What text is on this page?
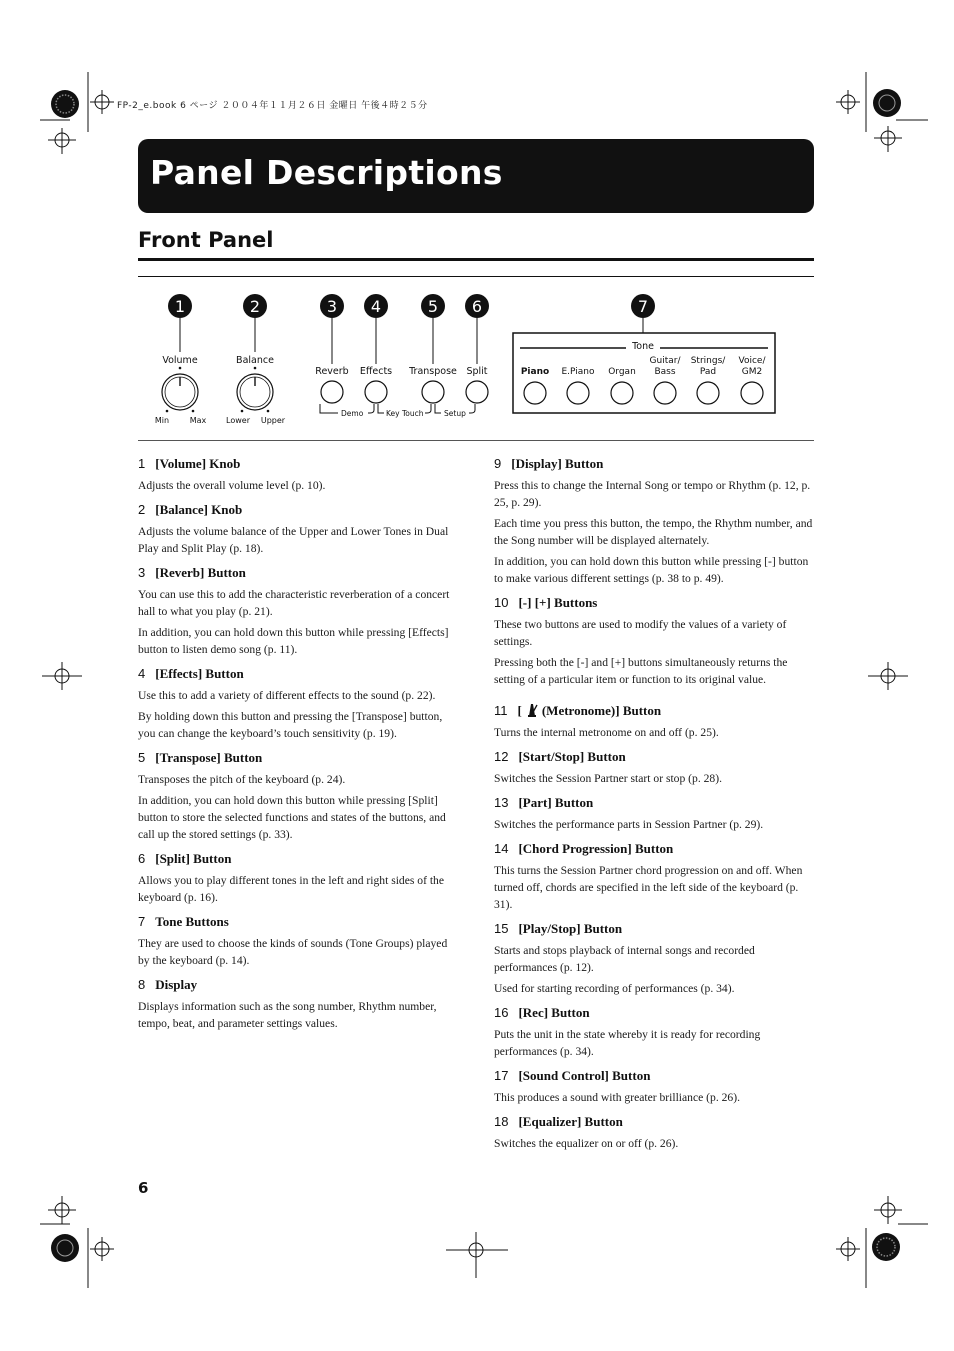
FP-2_e.book 6 ページ ２００４年１１月２６日 金曜日 午後４時２５分
Panel Descriptions
Front Panel
1	2	3 4	5 6	7
Volume
Min	Max
Balance
Lower Upper
Reverb Effects Transpose Split
Demo	Key Touch	Setup
Tone
Piano E.Piano Organ
Guitar/
Bass
Strings/
Pad
Voice/
GM2
1 [Volume] Knob

Adjusts the overall volume level (p. 10).

2 [Balance] Knob

Adjusts the volume balance of the Upper and Lower Tones in Dual Play and Split Play (p. 18).

3 [Reverb] Button

You can use this to add the characteristic reverberation of a concert hall to what you play (p. 21).

In addition, you can hold down this button while pressing [Effects] button to listen demo song (p. 11).

4 [Effects] Button

Use this to add a variety of different effects to the sound (p. 22).

By holding down this button and pressing the [Transpose] button, you can change the keyboard’s touch sensitivity (p. 19).

5 [Transpose] Button

Transposes the pitch of the keyboard (p. 24).

In addition, you can hold down this button while pressing [Split] button to store the selected functions and states of the buttons, and call up the stored settings (p. 33).

6 [Split] Button

Allows you to play different tones in the left and right sides of the keyboard (p. 16).

7 Tone Buttons

They are used to choose the kinds of sounds (Tone Groups) played by the keyboard (p. 14).

8 Display

Displays information such as the song number, Rhythm number, tempo, beat, and parameter settings values.

9 [Display] Button

Press this to change the Internal Song or tempo or Rhythm (p. 12, p. 25, p. 29).

Each time you press this button, the tempo, the Rhythm number, and the Song number will be displayed alternately.

In addition, you can hold down this button while pressing [-] button to make various different settings (p. 38 to p. 49).

10 [-] [+] Buttons

These two buttons are used to modify the values of a variety of settings.

Pressing both the [-] and [+] buttons simultaneously returns the setting of a particular item or function to its original value.

11 [ (Metronome)] Button

Turns the internal metronome on and off (p. 25).

12 [Start/Stop] Button

Switches the Session Partner start or stop (p. 28).

13 [Part] Button

Switches the performance parts in Session Partner (p. 29).

14 [Chord Progression] Button

This turns the Session Partner chord progression on and off. When turned off, chords are specified in the left side of the keyboard (p. 31).

15 [Play/Stop] Button

Starts and stops playback of internal songs and recorded performances (p. 12).

Used for starting recording of performances (p. 34).

16 [Rec] Button

Puts the unit in the state whereby it is ready for recording performances (p. 34).

17 [Sound Control] Button

This produces a sound with greater brilliance (p. 26).

18 [Equalizer] Button

Switches the equalizer on or off (p. 26).

6
